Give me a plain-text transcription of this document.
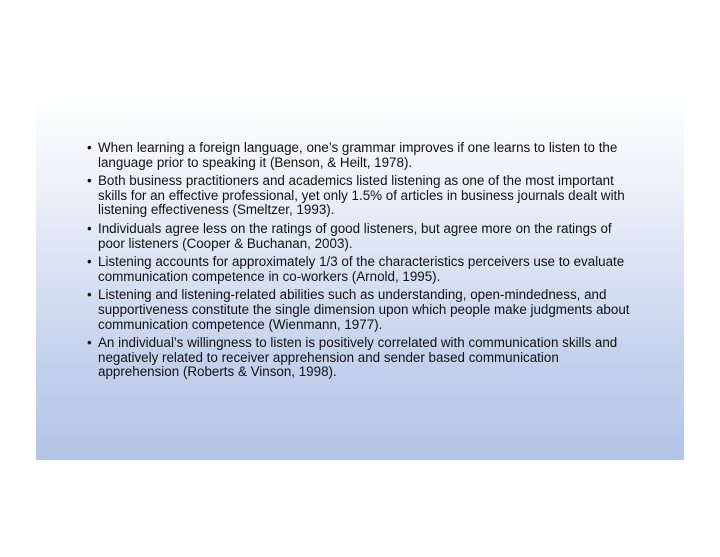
• When learning a foreign language, one’s grammar improves if one learns to listen to the language prior to speaking it (Benson, & Heilt, 1978).
• Both business practitioners and academics listed listening as one of the most important skills for an effective professional, yet only 1.5% of articles in business journals dealt with listening effectiveness (Smeltzer, 1993).
• Individuals agree less on the ratings of good listeners, but agree more on the ratings of poor listeners (Cooper & Buchanan, 2003).
• Listening accounts for approximately 1/3 of the characteristics perceivers use to evaluate communication competence in co-workers (Arnold, 1995).
• Listening and listening-related abilities such as understanding, open-mindedness, and supportiveness constitute the single dimension upon which people make judgments about communication competence (Wienmann, 1977).
• An individual’s willingness to listen is positively correlated with communication skills and negatively related to receiver apprehension and sender based communication apprehension (Roberts & Vinson, 1998).
